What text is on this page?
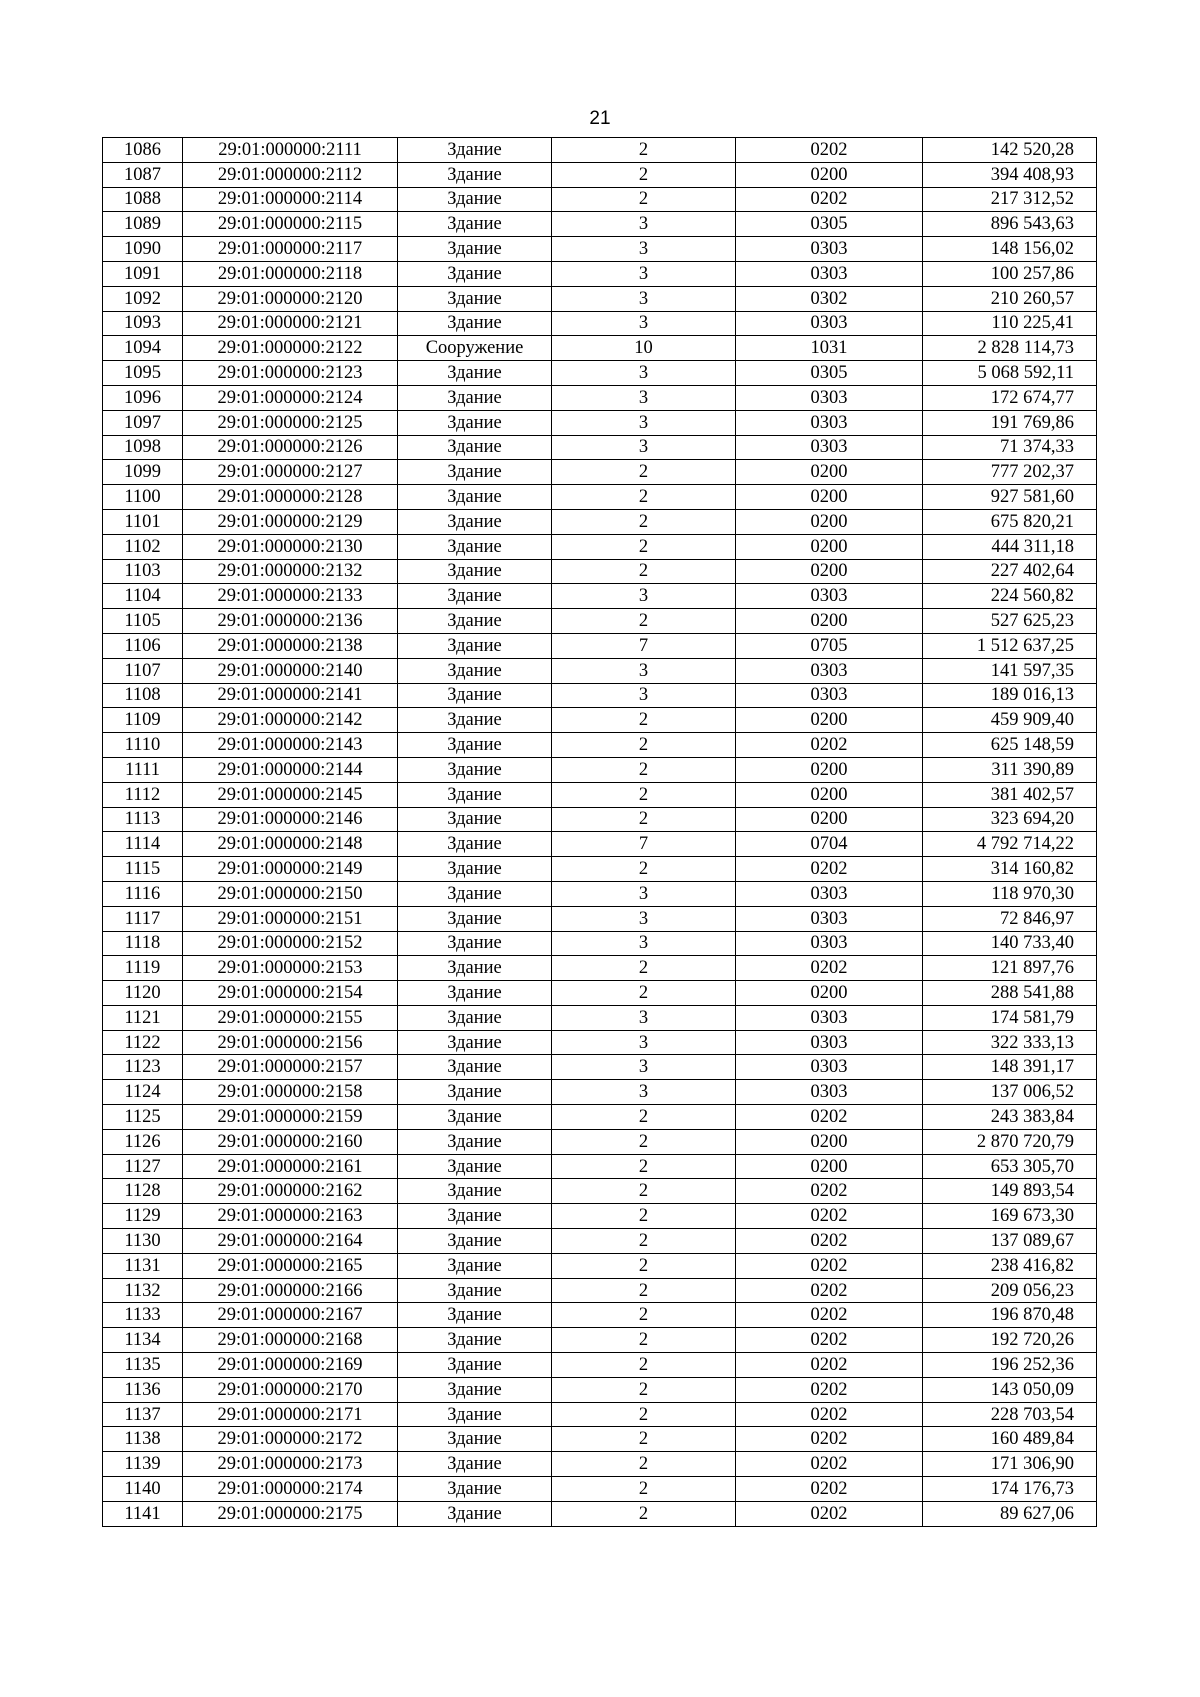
21
1086	29:01:000000:2111	Здание	2	0202	142 520,28
1087	29:01:000000:2112	Здание	2	0200	394 408,93
1088	29:01:000000:2114	Здание	2	0202	217 312,52
1089	29:01:000000:2115	Здание	3	0305	896 543,63
1090	29:01:000000:2117	Здание	3	0303	148 156,02
1091	29:01:000000:2118	Здание	3	0303	100 257,86
1092	29:01:000000:2120	Здание	3	0302	210 260,57
1093	29:01:000000:2121	Здание	3	0303	110 225,41
1094	29:01:000000:2122	Сооружение	10	1031	2 828 114,73
1095	29:01:000000:2123	Здание	3	0305	5 068 592,11
1096	29:01:000000:2124	Здание	3	0303	172 674,77
1097	29:01:000000:2125	Здание	3	0303	191 769,86
1098	29:01:000000:2126	Здание	3	0303	71 374,33
1099	29:01:000000:2127	Здание	2	0200	777 202,37
1100	29:01:000000:2128	Здание	2	0200	927 581,60
1101	29:01:000000:2129	Здание	2	0200	675 820,21
1102	29:01:000000:2130	Здание	2	0200	444 311,18
1103	29:01:000000:2132	Здание	2	0200	227 402,64
1104	29:01:000000:2133	Здание	3	0303	224 560,82
1105	29:01:000000:2136	Здание	2	0200	527 625,23
1106	29:01:000000:2138	Здание	7	0705	1 512 637,25
1107	29:01:000000:2140	Здание	3	0303	141 597,35
1108	29:01:000000:2141	Здание	3	0303	189 016,13
1109	29:01:000000:2142	Здание	2	0200	459 909,40
1110	29:01:000000:2143	Здание	2	0202	625 148,59
1111	29:01:000000:2144	Здание	2	0200	311 390,89
1112	29:01:000000:2145	Здание	2	0200	381 402,57
1113	29:01:000000:2146	Здание	2	0200	323 694,20
1114	29:01:000000:2148	Здание	7	0704	4 792 714,22
1115	29:01:000000:2149	Здание	2	0202	314 160,82
1116	29:01:000000:2150	Здание	3	0303	118 970,30
1117	29:01:000000:2151	Здание	3	0303	72 846,97
1118	29:01:000000:2152	Здание	3	0303	140 733,40
1119	29:01:000000:2153	Здание	2	0202	121 897,76
1120	29:01:000000:2154	Здание	2	0200	288 541,88
1121	29:01:000000:2155	Здание	3	0303	174 581,79
1122	29:01:000000:2156	Здание	3	0303	322 333,13
1123	29:01:000000:2157	Здание	3	0303	148 391,17
1124	29:01:000000:2158	Здание	3	0303	137 006,52
1125	29:01:000000:2159	Здание	2	0202	243 383,84
1126	29:01:000000:2160	Здание	2	0200	2 870 720,79
1127	29:01:000000:2161	Здание	2	0200	653 305,70
1128	29:01:000000:2162	Здание	2	0202	149 893,54
1129	29:01:000000:2163	Здание	2	0202	169 673,30
1130	29:01:000000:2164	Здание	2	0202	137 089,67
1131	29:01:000000:2165	Здание	2	0202	238 416,82
1132	29:01:000000:2166	Здание	2	0202	209 056,23
1133	29:01:000000:2167	Здание	2	0202	196 870,48
1134	29:01:000000:2168	Здание	2	0202	192 720,26
1135	29:01:000000:2169	Здание	2	0202	196 252,36
1136	29:01:000000:2170	Здание	2	0202	143 050,09
1137	29:01:000000:2171	Здание	2	0202	228 703,54
1138	29:01:000000:2172	Здание	2	0202	160 489,84
1139	29:01:000000:2173	Здание	2	0202	171 306,90
1140	29:01:000000:2174	Здание	2	0202	174 176,73
1141	29:01:000000:2175	Здание	2	0202	89 627,06
